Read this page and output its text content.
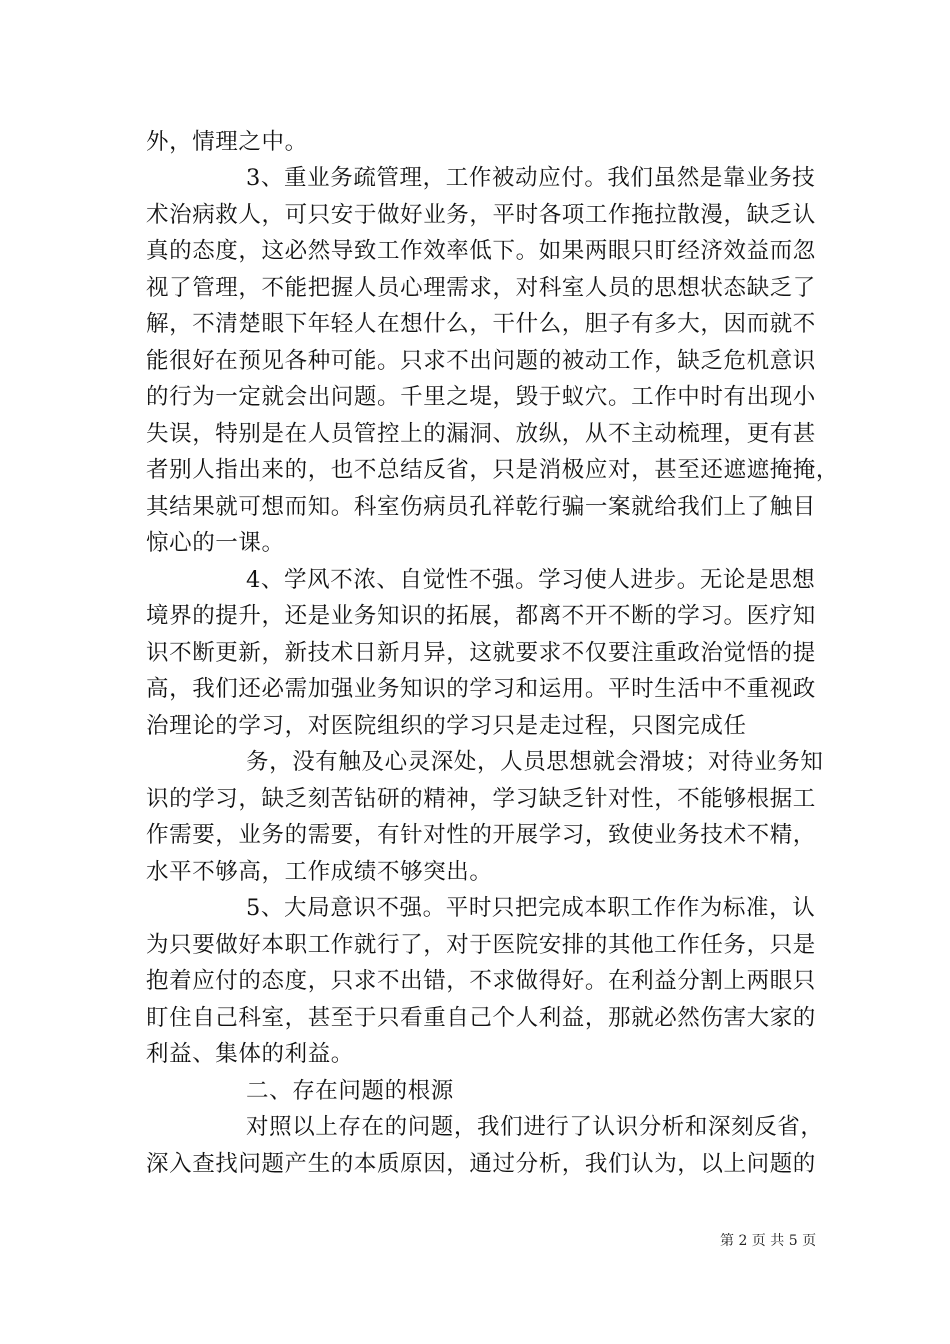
外，情理之中。
3、重业务疏管理，工作被动应付。我们虽然是靠业务技
术治病救人，可只安于做好业务，平时各项工作拖拉散漫，缺乏认
真的态度，这必然导致工作效率低下。如果两眼只盯经济效益而忽
视了管理，不能把握人员心理需求，对科室人员的思想状态缺乏了
解，不清楚眼下年轻人在想什么，干什么，胆子有多大，因而就不
能很好在预见各种可能。只求不出问题的被动工作，缺乏危机意识
的行为一定就会出问题。千里之堤，毁于蚁穴。工作中时有出现小
失误，特别是在人员管控上的漏洞、放纵，从不主动梳理，更有甚
者别人指出来的，也不总结反省，只是消极应对，甚至还遮遮掩掩，
其结果就可想而知。科室伤病员孔祥乾行骗一案就给我们上了触目
惊心的一课。
4、学风不浓、自觉性不强。学习使人进步。无论是思想
境界的提升，还是业务知识的拓展，都离不开不断的学习。医疗知
识不断更新，新技术日新月异，这就要求不仅要注重政治觉悟的提
高，我们还必需加强业务知识的学习和运用。平时生活中不重视政
治理论的学习，对医院组织的学习只是走过程，只图完成任
务，没有触及心灵深处，人员思想就会滑坡；对待业务知
识的学习，缺乏刻苦钻研的精神，学习缺乏针对性，不能够根据工
作需要，业务的需要，有针对性的开展学习，致使业务技术不精，
水平不够高，工作成绩不够突出。
5、大局意识不强。平时只把完成本职工作作为标准，认
为只要做好本职工作就行了，对于医院安排的其他工作任务，只是
抱着应付的态度，只求不出错，不求做得好。在利益分割上两眼只
盯住自己科室，甚至于只看重自己个人利益，那就必然伤害大家的
利益、集体的利益。
二、存在问题的根源
对照以上存在的问题，我们进行了认识分析和深刻反省，
深入查找问题产生的本质原因，通过分析，我们认为，以上问题的
第 2 页 共 5 页
